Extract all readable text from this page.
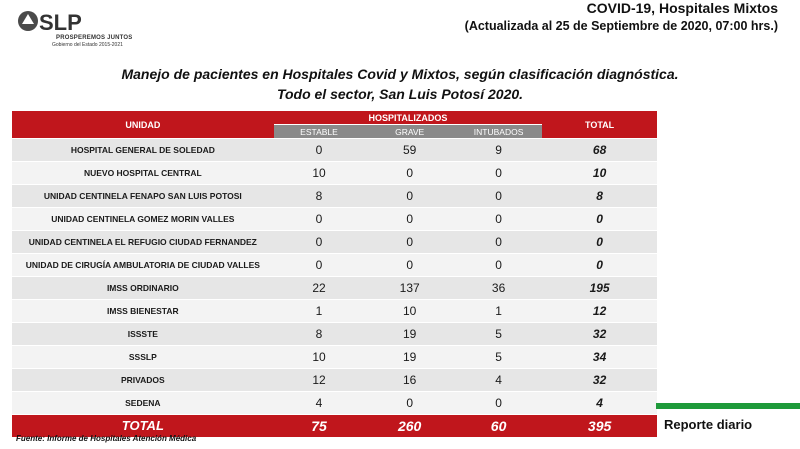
SLP
PROSPEREMOS JUNTOS
Gobierno del Estado 2015-2021
COVID-19, Hospitales Mixtos
(Actualizada al 25 de Septiembre de 2020, 07:00 hrs.)
Manejo de pacientes en Hospitales Covid y Mixtos, según clasificación diagnóstica.
Todo el sector, San Luis Potosí 2020.
UNIDAD	HOSPITALIZADOS			TOTAL
	ESTABLE	GRAVE	INTUBADOS	
HOSPITAL GENERAL DE SOLEDAD	0	59	9	68
NUEVO HOSPITAL CENTRAL	10	0	0	10
UNIDAD CENTINELA FENAPO SAN LUIS POTOSI	8	0	0	8
UNIDAD CENTINELA GOMEZ MORIN VALLES	0	0	0	0
UNIDAD CENTINELA EL REFUGIO CIUDAD FERNANDEZ	0	0	0	0
UNIDAD DE CIRUGÍA AMBULATORIA DE CIUDAD VALLES	0	0	0	0
IMSS ORDINARIO	22	137	36	195
IMSS BIENESTAR	1	10	1	12
ISSSTE	8	19	5	32
SSSLP	10	19	5	34
PRIVADOS	12	16	4	32
SEDENA	4	0	0	4
TOTAL	75	260	60	395	Reporte diario
Fuente: Informe de Hospitales Atención Médica
